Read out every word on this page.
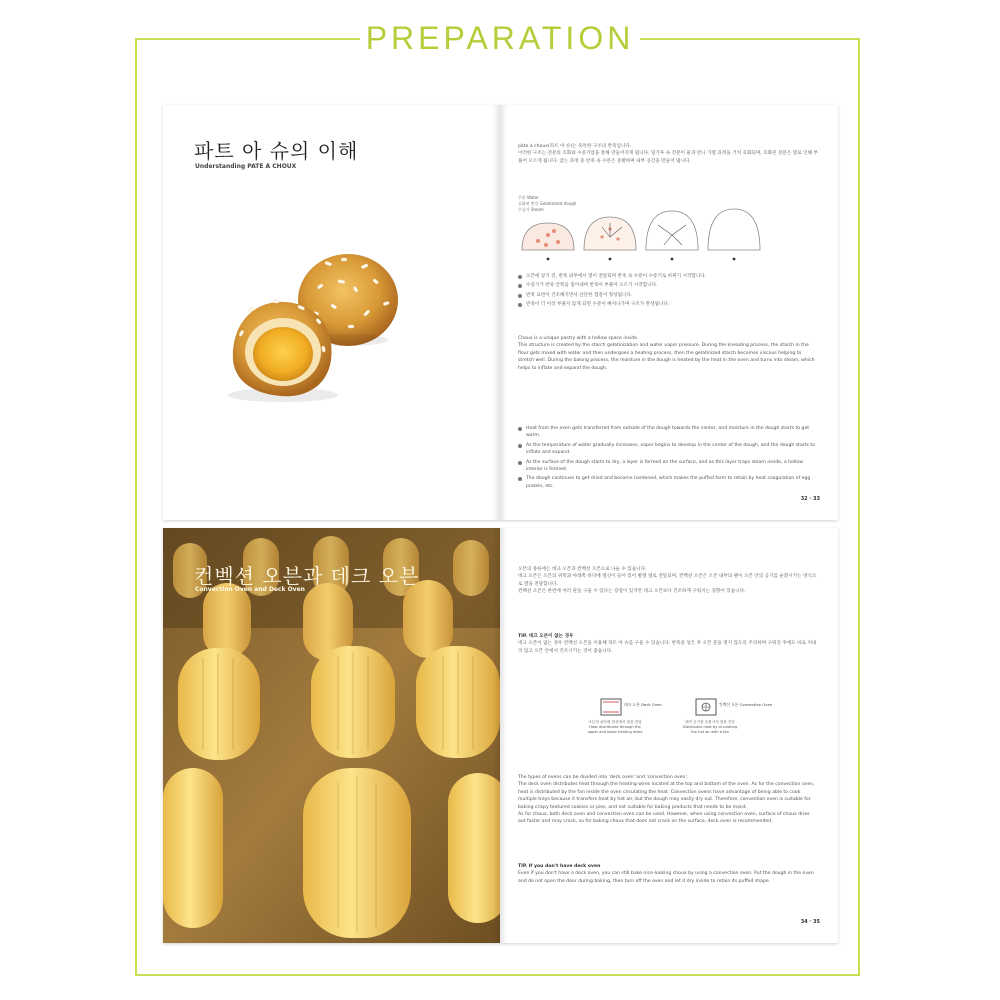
PREPARATION
파트 아 슈의 이해
Understanding PATE A CHOUX

pâte à choux(파트 아 슈)는 독특한 구조의 반죽입니다.

이러한 구조는 전분의 호화와 수증기압을 통해 만들어지게 됩니다. 밀가루 속 전분이 물과 만나 가열 과정을 거쳐 호화되며, 호화된 전분은 열로 인해 부풀어 오르게 됩니다. 굽는 과정 중 반죽 속 수분은 증발하며 내부 공간을 만들어 냅니다.

수분 Water
호화된 반죽 Gelatinized dough
수증기 Steam
오븐에 넣기 전, 반죽 외부에서 열이 전달되며 반죽 속 수분이 수증기로 바뀌기 시작합니다.
수증기가 반죽 안쪽을 밀어내며 반죽이 부풀어 오르기 시작합니다.
반죽 표면이 건조해지면서 단단한 껍질이 형성됩니다.
반죽이 더 이상 부풀지 않게 되면 수분이 빠져나가며 구조가 완성됩니다.

Choux is a unique pastry with a hollow space inside.

This structure is created by the starch gelatinization and water vapor pressure. During the kneading process, the starch in the flour gets mixed with water and then undergoes a heating process, then the gelatinized starch becomes viscous helping to stretch well. During the baking process, the moisture in the dough is heated by the heat in the oven and turns into steam, which helps to inflate and expand the dough.

Heat from the oven gets transferred from outside of the dough towards the center, and moisture in the dough starts to get warm.
As the temperature of water gradually increases, vapor begins to develop in the center of the dough, and the dough starts to inflate and expand.
As the surface of the dough starts to dry, a layer is formed on the surface, and as this layer traps steam inside, a hollow interior is formed.
The dough continues to get dried and become hardened, which makes the puffed form to retain by heat coagulation of egg protein, etc.
32 · 33
컨벡션 오븐과 데크 오븐
Convection Oven and Deck Oven

오븐의 종류에는 데크 오븐과 컨벡션 오븐으로 나눌 수 있습니다.

데크 오븐은 오븐의 위쪽과 아래쪽 바닥에 열선이 들어 있어 발열 열로 전달되며, 컨벡션 오븐은 오븐 내부의 팬이 오븐 안의 공기를 순환시키는 방식으로 열을 전달합니다.

컨벡션 오븐은 한번에 여러 판을 구울 수 있다는 장점이 있지만 데크 오븐보다 건조하게 구워지는 경향이 있습니다.

TIP. 데크 오븐이 없는 경우

데크 오븐이 없는 경우 컨벡션 오븐을 이용해 파트 아 슈를 구울 수 있습니다. 반죽을 넣은 후 오븐 문을 열지 않도록 주의하며 구워진 후에도 바로 꺼내지 않고 오븐 안에서 건조시키는 것이 좋습니다.

데크 오븐 Deck Oven
오븐의 위아래 열선에서 열을 전달
Heat distributed through the upper and lower heating wires
컨벡션 오븐 Convection Oven
팬이 공기를 순환시켜 열을 전달
Distributes heat by circulating the hot air with a fan

The types of ovens can be divided into 'deck oven' and 'convection oven'.

The deck oven distributes heat through the heating wires located at the top and bottom of the oven. As for the convection oven, heat is distributed by the fan inside the oven circulating the heat. Convection ovens have advantage of being able to cook multiple trays because it transfers heat by hot air, but the dough may easily dry out. Therefore, convection oven is suitable for baking crispy textured cookies or pies, and not suitable for baking products that needs to be moist.

As for choux, both deck oven and convection oven can be used. However, when using convection oven, surface of choux dries out faster and may crack, so for baking choux that does not crack on the surface, deck oven is recommended.

TIP. If you don't have deck oven

Even if you don't have a deck oven, you can still bake nice-looking choux by using a convection oven. Put the dough in the oven and do not open the door during baking, then turn off the oven and let it dry inside to retain its puffed shape.

34 · 35
